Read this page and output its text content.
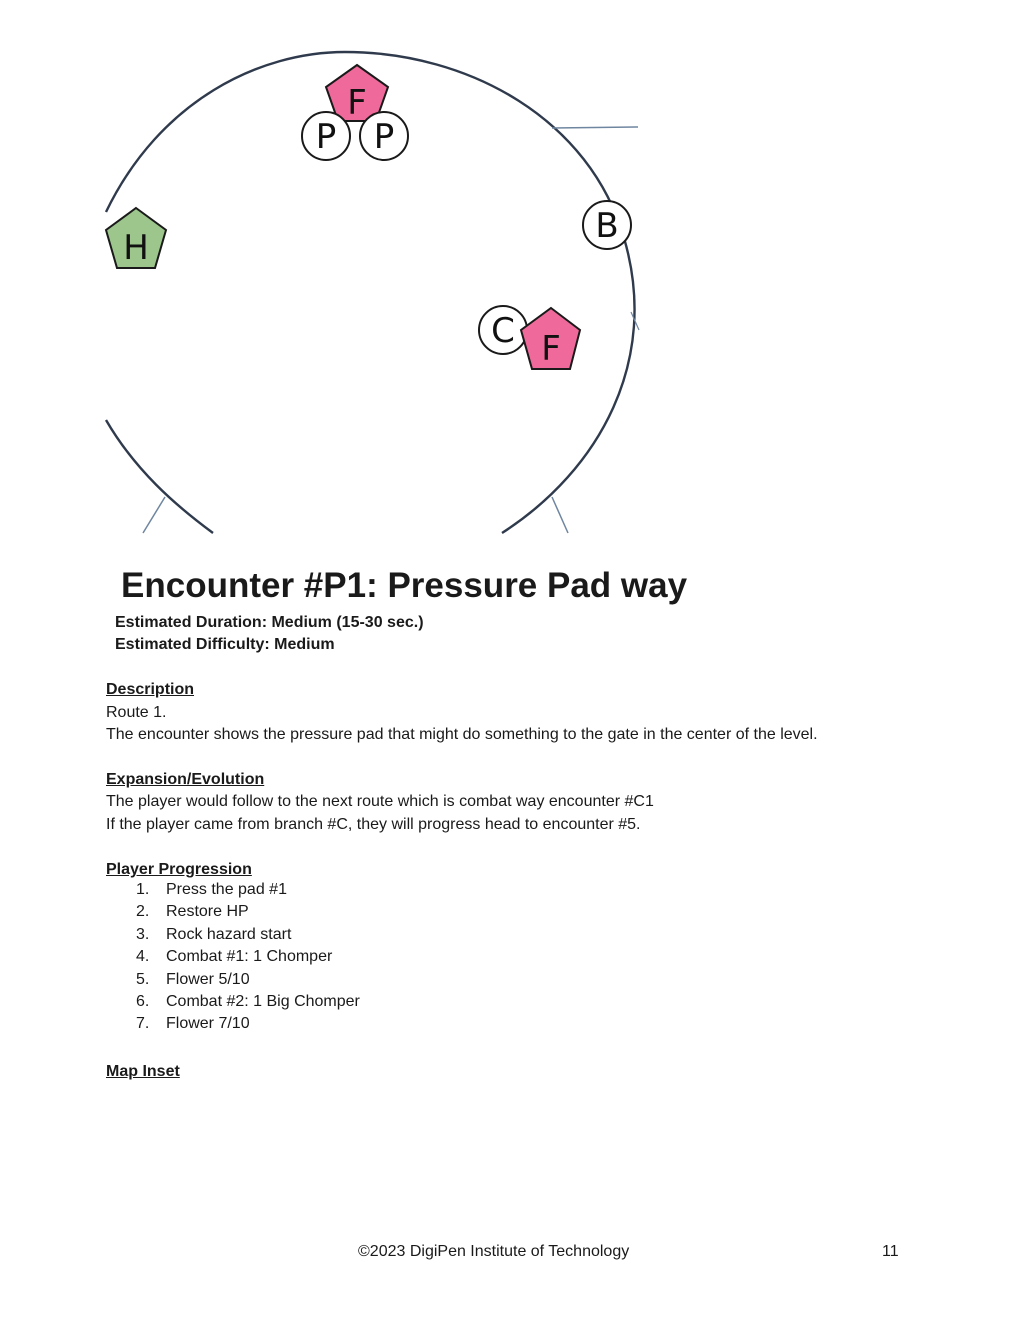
F
P P
H
B
C F
Encounter #P1: Pressure Pad way
Estimated Duration: Medium (15-30 sec.)
Estimated Difficulty: Medium
Description
Route 1.
The encounter shows the pressure pad that might do something to the gate in the center of the level.
Expansion/Evolution
The player would follow to the next route which is combat way encounter #C1
If the player came from branch #C, they will progress head to encounter #5.
Player Progression
1.	Press the pad #1
2.	Restore HP
3.	Rock hazard start
4.	Combat #1: 1 Chomper
5.	Flower 5/10
6.	Combat #2: 1 Big Chomper
7.	Flower 7/10
Map Inset
©2023 DigiPen Institute of Technology	11
